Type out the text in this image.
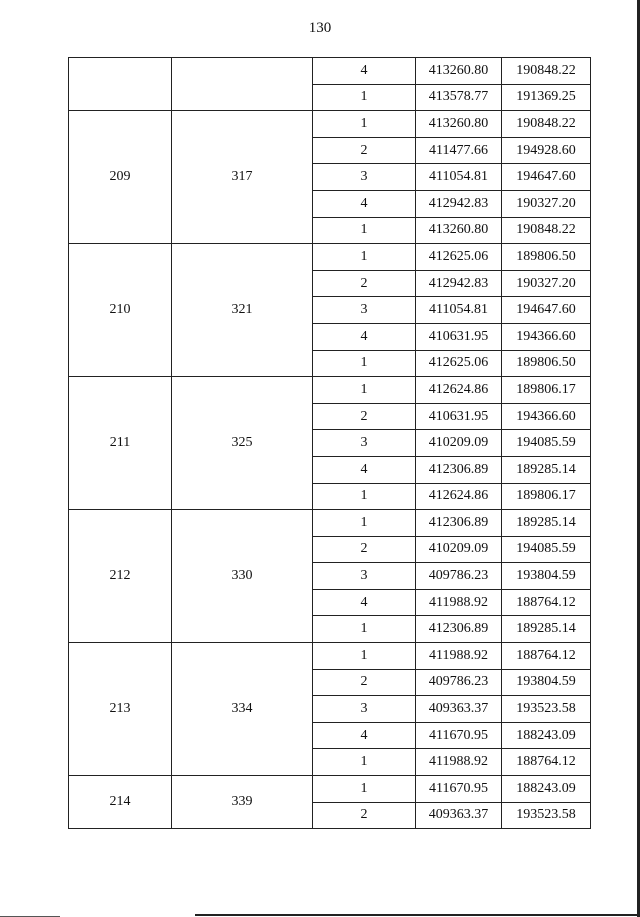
130
		4	413260.80	190848.22
		1	413578.77	191369.25
209	317	1	413260.80	190848.22
		2	411477.66	194928.60
		3	411054.81	194647.60
		4	412942.83	190327.20
		1	413260.80	190848.22
210	321	1	412625.06	189806.50
		2	412942.83	190327.20
		3	411054.81	194647.60
		4	410631.95	194366.60
		1	412625.06	189806.50
211	325	1	412624.86	189806.17
		2	410631.95	194366.60
		3	410209.09	194085.59
		4	412306.89	189285.14
		1	412624.86	189806.17
212	330	1	412306.89	189285.14
		2	410209.09	194085.59
		3	409786.23	193804.59
		4	411988.92	188764.12
		1	412306.89	189285.14
213	334	1	411988.92	188764.12
		2	409786.23	193804.59
		3	409363.37	193523.58
		4	411670.95	188243.09
		1	411988.92	188764.12
214	339	1	411670.95	188243.09
		2	409363.37	193523.58
